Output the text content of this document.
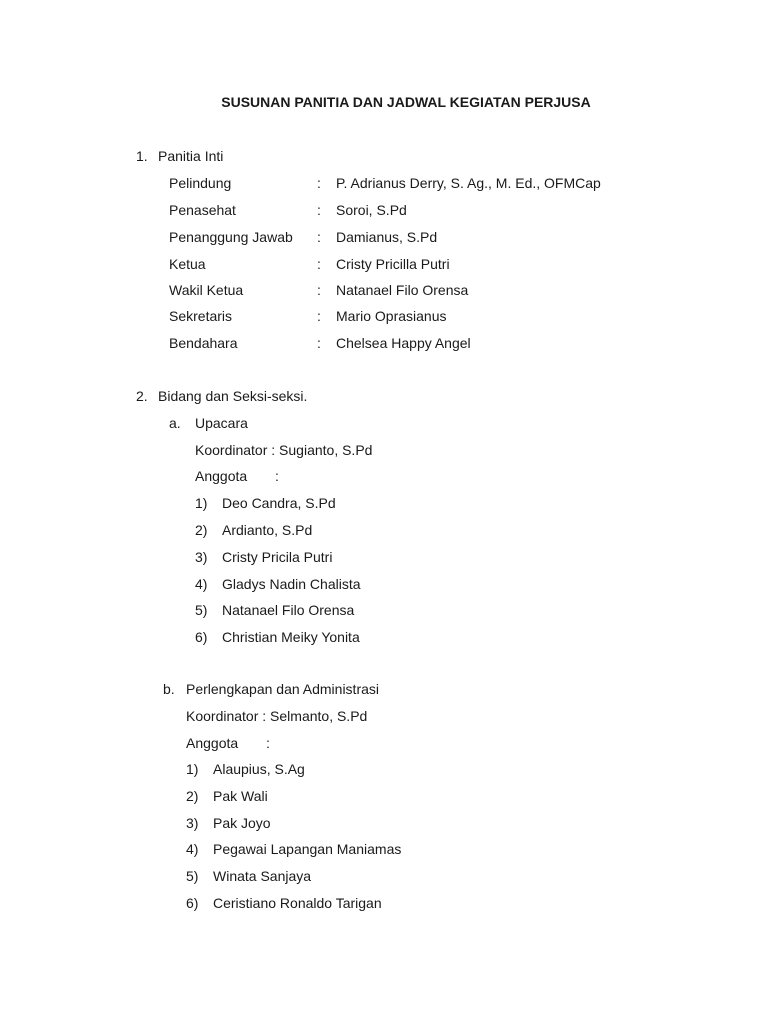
SUSUNAN PANITIA DAN JADWAL KEGIATAN PERJUSA
1. Panitia Inti
Pelindung	:	P. Adrianus Derry, S. Ag., M. Ed., OFMCap
Penasehat	:	Soroi, S.Pd
Penanggung Jawab :	Damianus, S.Pd
Ketua	:	Cristy Pricilla Putri
Wakil Ketua	:	Natanael Filo Orensa
Sekretaris	:	Mario Oprasianus
Bendahara	:	Chelsea Happy Angel
2. Bidang dan Seksi-seksi.
a. Upacara
Koordinator : Sugianto, S.Pd
Anggota :
1) Deo Candra, S.Pd
2) Ardianto, S.Pd
3) Cristy Pricila Putri
4) Gladys Nadin Chalista
5) Natanael Filo Orensa
6) Christian Meiky Yonita
b. Perlengkapan dan Administrasi
Koordinator : Selmanto, S.Pd
Anggota :
1) Alaupius, S.Ag
2) Pak Wali
3) Pak Joyo
4) Pegawai Lapangan Maniamas
5) Winata Sanjaya
6) Ceristiano Ronaldo Tarigan
